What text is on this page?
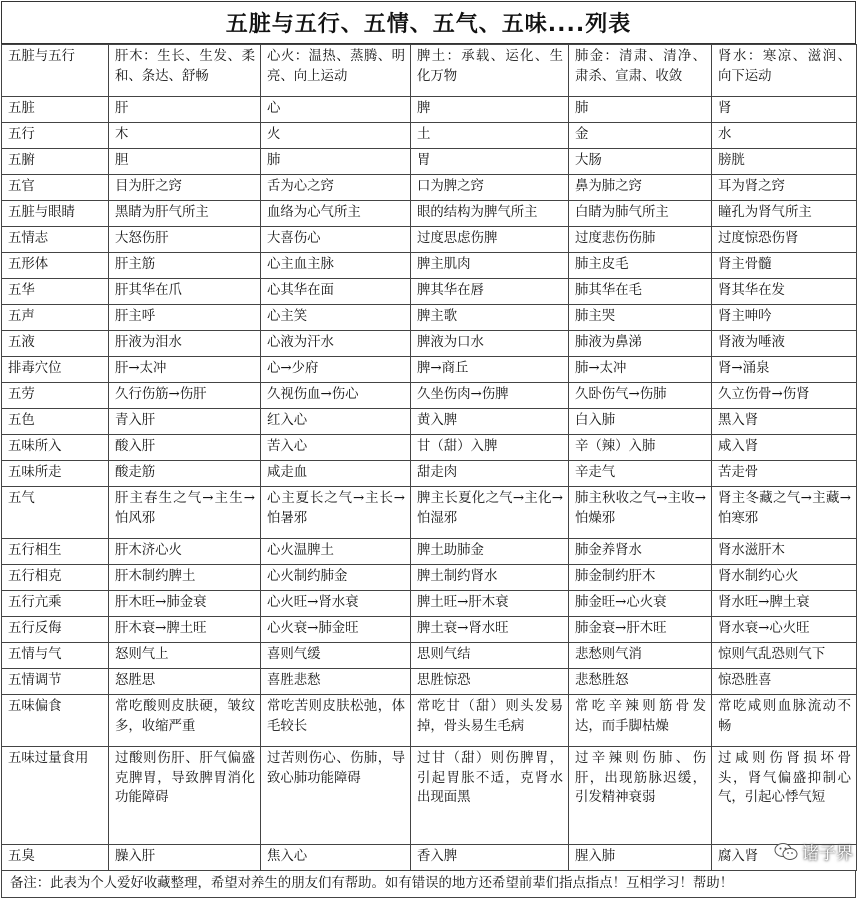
五脏与五行、五情、五气、五味....列表
五脏与五行	肝木：生长、生发、柔和、条达、舒畅	心火：温热、蒸腾、明亮、向上运动	脾土：承载、运化、生化万物	肺金：清肃、清净、肃杀、宣肃、收敛	肾水：寒凉、滋润、向下运动
五脏	肝	心	脾	肺	肾
五行	木	火	土	金	水
五腑	胆	肺	胃	大肠	膀胱
五官	目为肝之窍	舌为心之窍	口为脾之窍	鼻为肺之窍	耳为肾之窍
五脏与眼睛	黑睛为肝气所主	血络为心气所主	眼的结构为脾气所主	白睛为肺气所主	瞳孔为肾气所主
五情志	大怒伤肝	大喜伤心	过度思虑伤脾	过度悲伤伤肺	过度惊恐伤肾
五形体	肝主筋	心主血主脉	脾主肌肉	肺主皮毛	肾主骨髓
五华	肝其华在爪	心其华在面	脾其华在唇	肺其华在毛	肾其华在发
五声	肝主呼	心主笑	脾主歌	肺主哭	肾主呻吟
五液	肝液为泪水	心液为汗水	脾液为口水	肺液为鼻涕	肾液为唾液
排毒穴位	肝→太冲	心→少府	脾→商丘	肺→太冲	肾→涌泉
五劳	久行伤筋→伤肝	久视伤血→伤心	久坐伤肉→伤脾	久卧伤气→伤肺	久立伤骨→伤肾
五色	青入肝	红入心	黄入脾	白入肺	黑入肾
五味所入	酸入肝	苦入心	甘（甜）入脾	辛（辣）入肺	咸入肾
五味所走	酸走筋	咸走血	甜走肉	辛走气	苦走骨
五气	肝主春生之气→主生→怕风邪	心主夏长之气→主长→怕暑邪	脾主长夏化之气→主化→怕湿邪	肺主秋收之气→主收→怕燥邪	肾主冬藏之气→主藏→怕寒邪
五行相生	肝木济心火	心火温脾土	脾土助肺金	肺金养肾水	肾水滋肝木
五行相克	肝木制约脾土	心火制约肺金	脾土制约肾水	肺金制约肝木	肾水制约心火
五行亢乘	肝木旺→肺金衰	心火旺→肾水衰	脾土旺→肝木衰	肺金旺→心火衰	肾水旺→脾土衰
五行反侮	肝木衰→脾土旺	心火衰→肺金旺	脾土衰→肾水旺	肺金衰→肝木旺	肾水衰→心火旺
五情与气	怒则气上	喜则气缓	思则气结	悲愁则气消	惊则气乱恐则气下
五情调节	怒胜思	喜胜悲愁	思胜惊恐	悲愁胜怒	惊恐胜喜
五味偏食	常吃酸则皮肤硬，皱纹多，收缩严重	常吃苦则皮肤松弛，体毛较长	常吃甘（甜）则头发易掉，骨头易生毛病	常吃辛辣则筋骨发达，而手脚枯燥	常吃咸则血脉流动不畅
五味过量食用	过酸则伤肝、肝气偏盛克脾胃，导致脾胃消化功能障碍	过苦则伤心、伤肺，导致心肺功能障碍	过甘（甜）则伤脾胃，引起胃胀不适，克肾水出现面黑	过辛辣则伤肺、伤肝，出现筋脉迟缓，引发精神衰弱	过咸则伤肾损坏骨头，肾气偏盛抑制心气，引起心悸气短
五臭	臊入肝	焦入心	香入脾	腥入肺	腐入肾
备注：此表为个人爱好收藏整理，希望对养生的朋友们有帮助。如有错误的地方还希望前辈们指点指点！互相学习！帮助！
诸子界
